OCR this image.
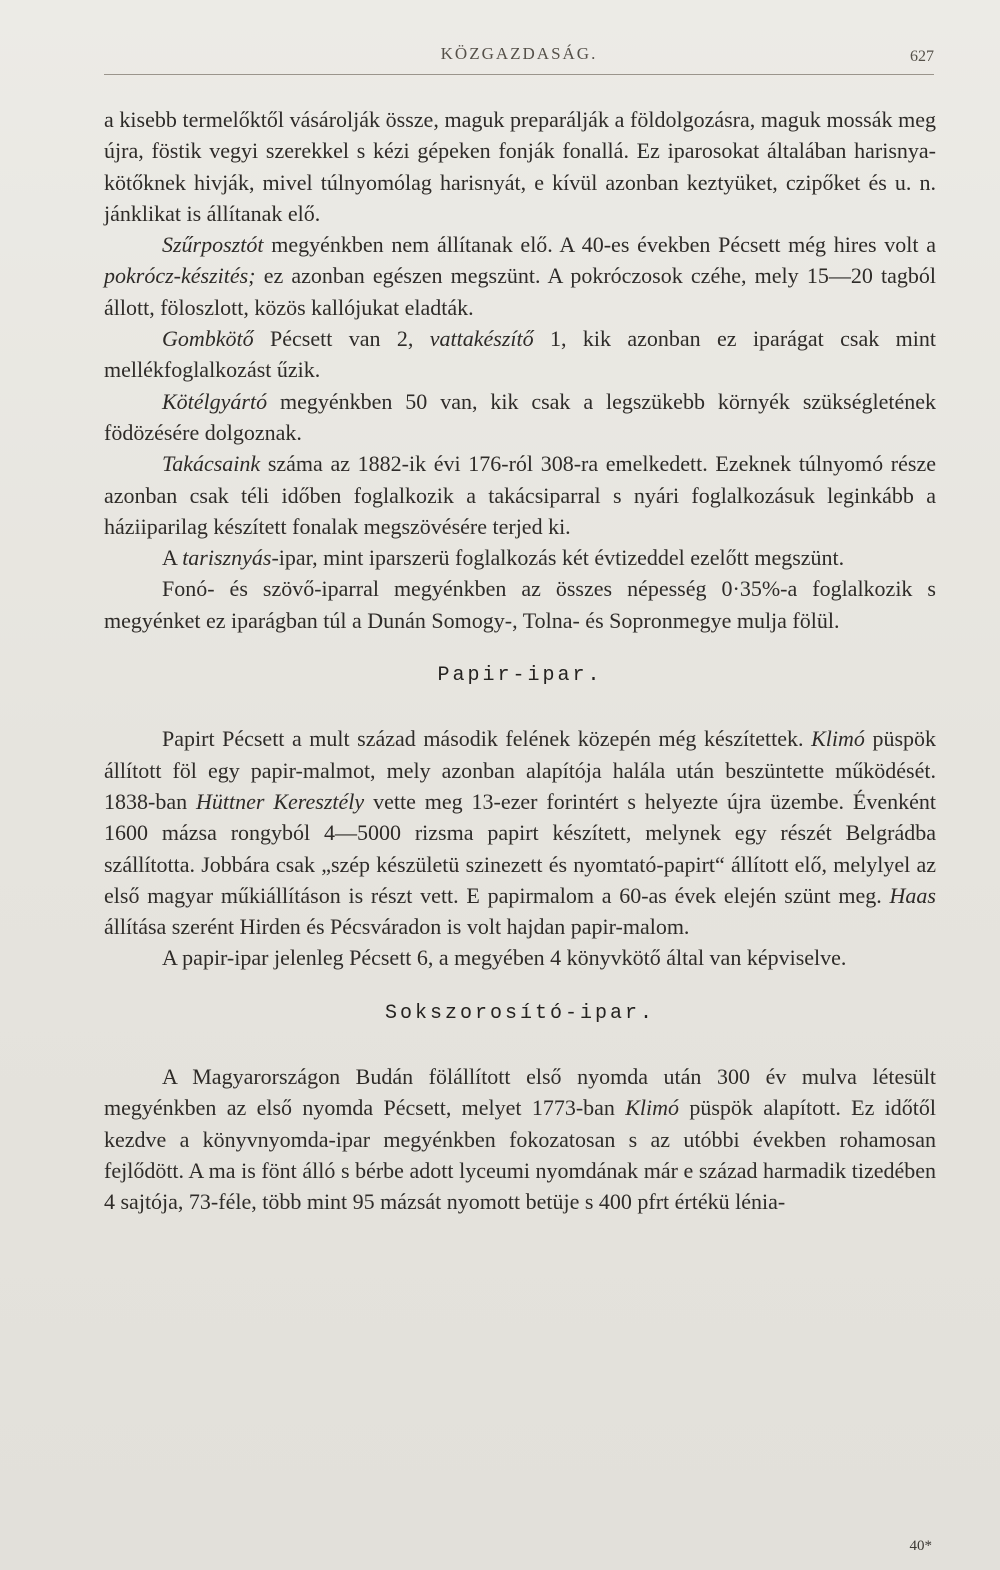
KÖZGAZDASÁG.	627

a kisebb termelőktől vásárolják össze, maguk preparálják a földolgozásra, maguk mossák meg újra, föstik vegyi szerekkel s kézi gépeken fonják fonallá. Ez iparosokat általában harisnya-kötőknek hivják, mivel túlnyomólag harisnyát, e kívül azonban keztyüket, czipőket és u. n. jánklikat is állítanak elő.

Szűrposztót megyénkben nem állítanak elő. A 40-es években Pécsett még hires volt a pokrócz-készités; ez azonban egészen megszünt. A pokróczosok czéhe, mely 15—20 tagból állott, föloszlott, közös kallójukat eladták.

Gombkötő Pécsett van 2, vattakészítő 1, kik azonban ez iparágat csak mint mellékfoglalkozást űzik.

Kötélgyártó megyénkben 50 van, kik csak a legszükebb környék szükségletének födözésére dolgoznak.

Takácsaink száma az 1882-ik évi 176-ról 308-ra emelkedett. Ezeknek túlnyomó része azonban csak téli időben foglalkozik a takácsiparral s nyári foglalkozásuk leginkább a háziiparilag készített fonalak megszövésére terjed ki.

A tarisznyás-ipar, mint iparszerü foglalkozás két évtizeddel ezelőtt megszünt.

Fonó- és szövő-iparral megyénkben az összes népesség 0·35%-a foglalkozik s megyénket ez iparágban túl a Dunán Somogy-, Tolna- és Sopronmegye mulja fölül.

Papir-ipar.

Papirt Pécsett a mult század második felének közepén még készítettek. Klimó püspök állított föl egy papir-malmot, mely azonban alapítója halála után beszüntette működését. 1838-ban Hüttner Keresztély vette meg 13-ezer forintért s helyezte újra üzembe. Évenként 1600 mázsa rongyból 4—5000 rizsma papirt készített, melynek egy részét Belgrádba szállította. Jobbára csak „szép készületü szinezett és nyomtató-papirt“ állított elő, melylyel az első magyar műkiállításon is részt vett. E papirmalom a 60-as évek elején szünt meg. Haas állítása szerént Hirden és Pécsváradon is volt hajdan papir-malom.

A papir-ipar jelenleg Pécsett 6, a megyében 4 könyvkötő által van képviselve.

Sokszorosító-ipar.

A Magyarországon Budán fölállított első nyomda után 300 év mulva létesült megyénkben az első nyomda Pécsett, melyet 1773-ban Klimó püspök alapított. Ez időtől kezdve a könyvnyomda-ipar megyénkben fokozatosan s az utóbbi években rohamosan fejlődött. A ma is fönt álló s bérbe adott lyceumi nyomdának már e század harmadik tizedében 4 sajtója, 73-féle, több mint 95 mázsát nyomott betüje s 400 pfrt értékü lénia-

40*
